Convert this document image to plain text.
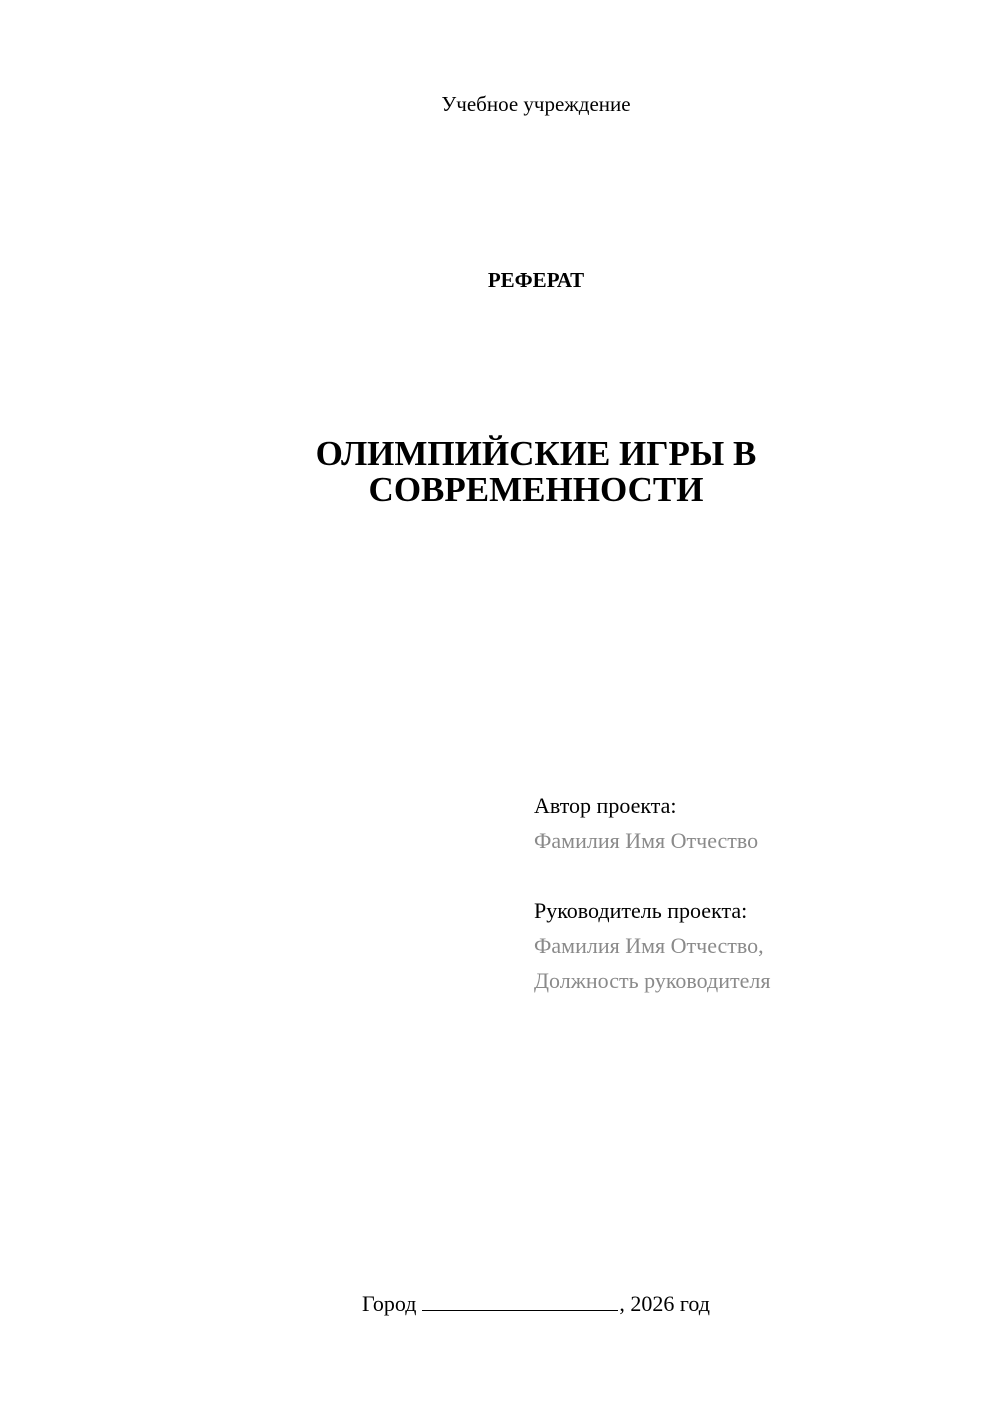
Учебное учреждение
РЕФЕРАТ
ОЛИМПИЙСКИЕ ИГРЫ В
СОВРЕМЕННОСТИ
Автор проекта:
Фамилия Имя Отчество
Руководитель проекта:
Фамилия Имя Отчество,
Должность руководителя
Город	, 2026 год
